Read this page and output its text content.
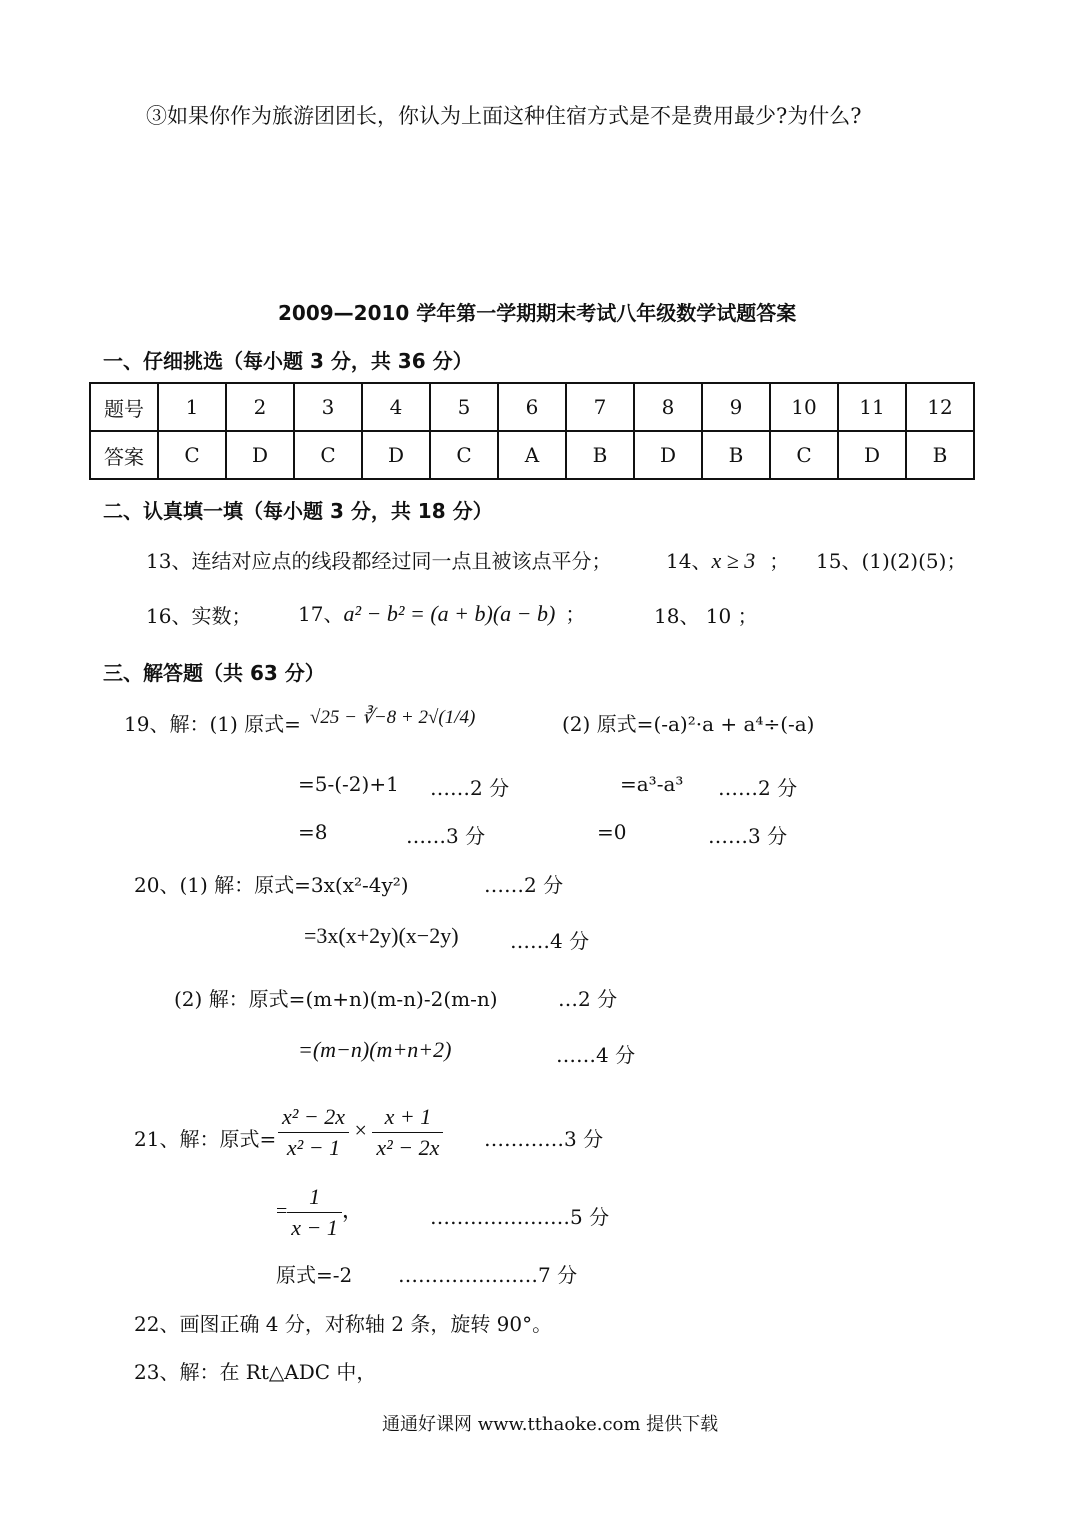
③如果你作为旅游团团长，你认为上面这种住宿方式是不是费用最少?为什么?
2009—2010 学年第一学期期末考试八年级数学试题答案
一、仔细挑选（每小题 3 分，共 36 分）
题号	1	2	3	4	5	6	7	8	9	10	11	12
答案	C	D	C	D	C	A	B	D	B	C	D	B
二、认真填一填（每小题 3 分，共 18 分）
13、连结对应点的线段都经过同一点且被该点平分；	14、x ≥ 3 ； 15、(1)(2)(5)；
16、实数； 17、a² − b² = (a + b)(a − b) ；	18、 10 ；
三、解答题（共 63 分）
19、解：(1) 原式= √25 − ∛−8 + 2√(1/4)	(2) 原式=(-a)²·a + a⁴÷(-a)
=5-(-2)+1 ……2 分	=a³-a³ ……2 分
=8	……3 分	=0	……3 分
20、(1) 解：原式=3x(x²-4y²)	……2 分
=3x(x+2y)(x−2y)	……4 分
(2) 解：原式=(m+n)(m-n)-2(m-n)	…2 分
=(m−n)(m+n+2)	……4 分
21、解：原式= $\frac{\text{x² − 2x}}{\text{x² − 1}} \times \frac{x + 1}{\text{x² − 2x}}$ …………3 分
= $\frac{1}{x - 1}$ ，	…………………5 分
原式=-2 …………………7 分
22、画图正确 4 分，对称轴 2 条，旋转 90°。
23、解：在 Rt△ADC 中，
通通好课网 www.tthaoke.com 提供下载
